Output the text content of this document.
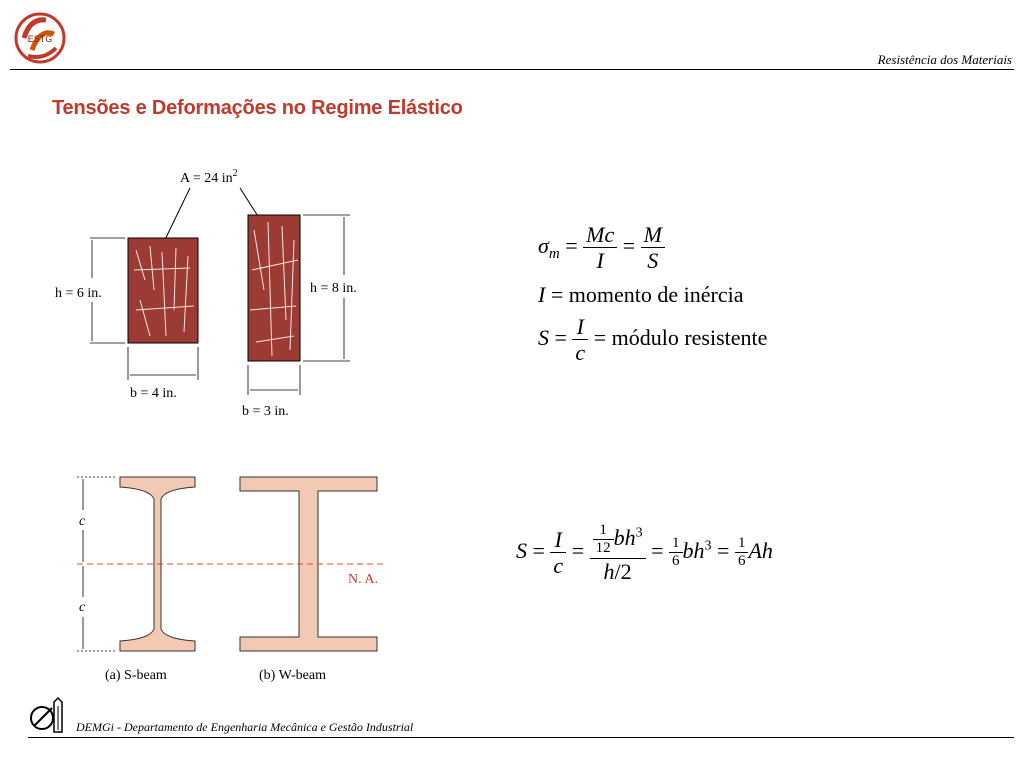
ESTG
Resistência dos Materiais
Tensões e Deformações no Regime Elástico
A = 24 $in^2$
h = 6 in.	h = 8 in.
b = 4 in.
b = 3 in.
c
c
N. A.
(a) S-beam	(b) W-beam
$\sigma_m = \frac{Mc}{I} = \frac{M}{S}$
I = momento de inércia
$S = \frac{I}{c}$ = módulo resistente
$S = \frac{I}{c} = \frac{\frac{1}{12} bh^3}{h/2} = \frac{1}{6} bh^3 = \frac{1}{6}$ Ah
DEMGi - Departamento de Engenharia Mecânica e Gestão Industrial
